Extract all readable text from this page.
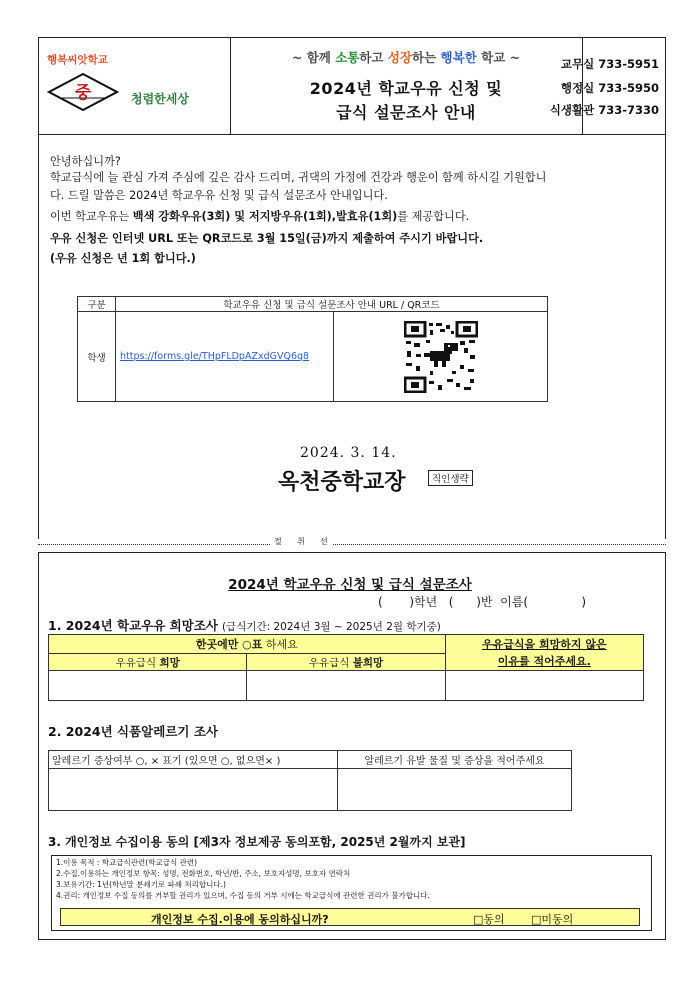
행복씨앗학교
중	청렴한세상
~ 함께 소통하고 성장하는 행복한 학교 ~
2024년 학교우유 신청 및
급식 설문조사 안내
교무실 733-5951
행정실 733-5950
식생활관 733-7330
안녕하십니까?
학교급식에 늘 관심 가져 주심에 깊은 감사 드리며, 귀댁의 가정에 건강과 행운이 함께 하시길 기원합니
다. 드릴 말씀은 2024년 학교우유 신청 및 급식 설문조사 안내입니다.
이번 학교우유는 백색 강화우유(3회) 및 저지방우유(1회),발효유(1회)를 제공합니다.
우유 신청은 인터넷 URL 또는 QR코드로 3월 15일(금)까지 제출하여 주시기 바랍니다.
(우유 신청은 년 1회 합니다.)
구분	학교우유 신청 및 급식 설문조사 안내 URL / QR코드	
학생	https://forms.gle/THpFLDpAZxdGVQ6q8	
2024. 3. 14.
옥천중학교장	직인생략
절      취      선
2024년 학교우유 신청 및 급식 설문조사
(       )학년   (      )반  이름(              )
1. 2024년 학교우유 희망조사 (급식기간: 2024년 3월 ~ 2025년 2월 학기중)
한곳에만 ○표 하세요		우유급식을 희망하지 않은
이유를 적어주세요.
우유급식 희망	우유급식 불희망	

2. 2024년 식품알레르기 조사
알레르기 증상여부 ○, × 표기 (있으면 ○, 없으면× )	알레르기 유발 물질 및 증상을 적어주세요

3. 개인정보 수집이용 동의 [제3자 정보제공 동의포함, 2025년 2월까지 보관]
1.이용 목적 : 학교급식관련(학교급식 관련)
2.수집.이용하는 개인정보 항목: 성명, 전화번호, 학년/반, 주소, 보호자성명, 보호자 연락처
3.보유기간: 1년(학년말 분쇄기로 파쇄 처리합니다.)
4.권리: 개인정보 수집 동의를 거부할 권리가 있으며, 수집 동의 거부 시에는 학교급식에 관련한 권리가 불가합니다.
개인정보 수집.이용에 동의하십니까?	□동의 □미동의
